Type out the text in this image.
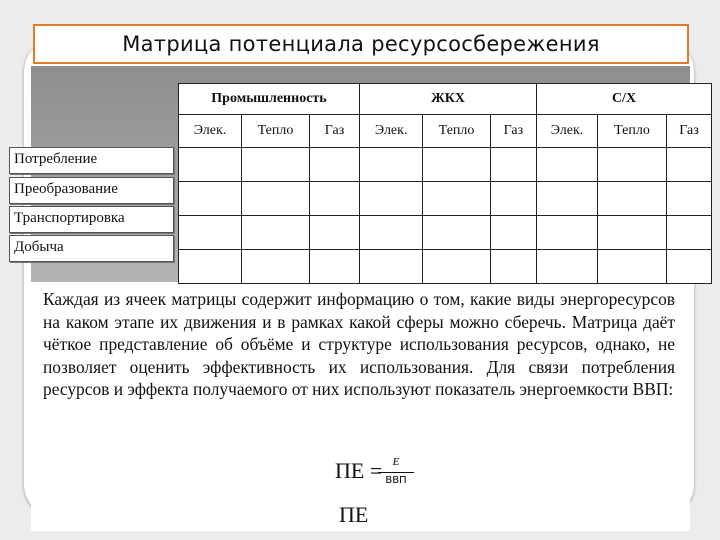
Матрица потенциала ресурсосбережения
Промышленность			ЖКХ			С/Х		
Элек.	Тепло	Газ	Элек.	Тепло	Газ	Элек.	Тепло	Газ

Потребление
Преобразование
Транспортировка
Добыча

Каждая из ячеек матрицы содержит информацию о том, какие виды энергоресурсов на каком этапе их движения и в рамках какой сферы можно сберечь. Матрица даёт чёткое представление об объёме и структуре использования ресурсов, однако, не позволяет оценить эффективность их использования. Для связи потребления ресурсов и эффекта получаемого от них используют показатель энергоемкости ВВП:

ПЕ = E
ВВП
ПЕ
